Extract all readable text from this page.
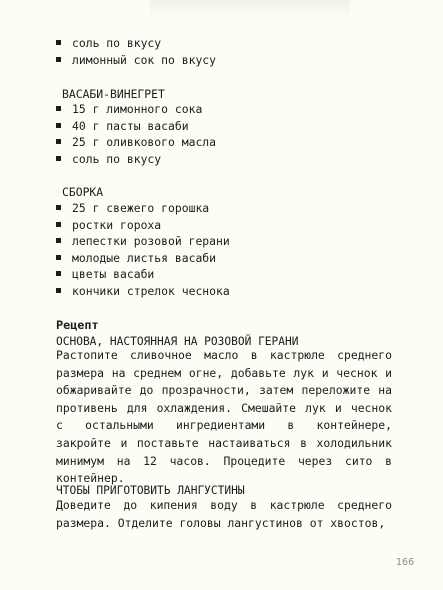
соль по вкусу
лимонный сок по вкусу
ВАСАБИ-ВИНЕГРЕТ
15 г лимонного сока
40 г пасты васаби
25 г оливкового масла
соль по вкусу
СБОРКА
25 г свежего горошка
ростки гороха
лепестки розовой герани
молодые листья васаби
цветы васаби
кончики стрелок чеснока
Рецепт
ОСНОВА, НАСТОЯННАЯ НА РОЗОВОЙ ГЕРАНИ

Растопите сливочное масло в кастрюле среднего размера на среднем огне, добавьте лук и чеснок и обжаривайте до прозрачности, затем переложите на противень для охлаждения. Смешайте лук и чеснок с остальными ингредиентами в контейнере, закройте и поставьте настаиваться в холодильник минимум на 12 часов. Процедите через сито в контейнер.

ЧТОБЫ ПРИГОТОВИТЬ ЛАНГУСТИНЫ

Доведите до кипения воду в кастрюле среднего размера. Отделите головы лангустинов от хвостов,

166
